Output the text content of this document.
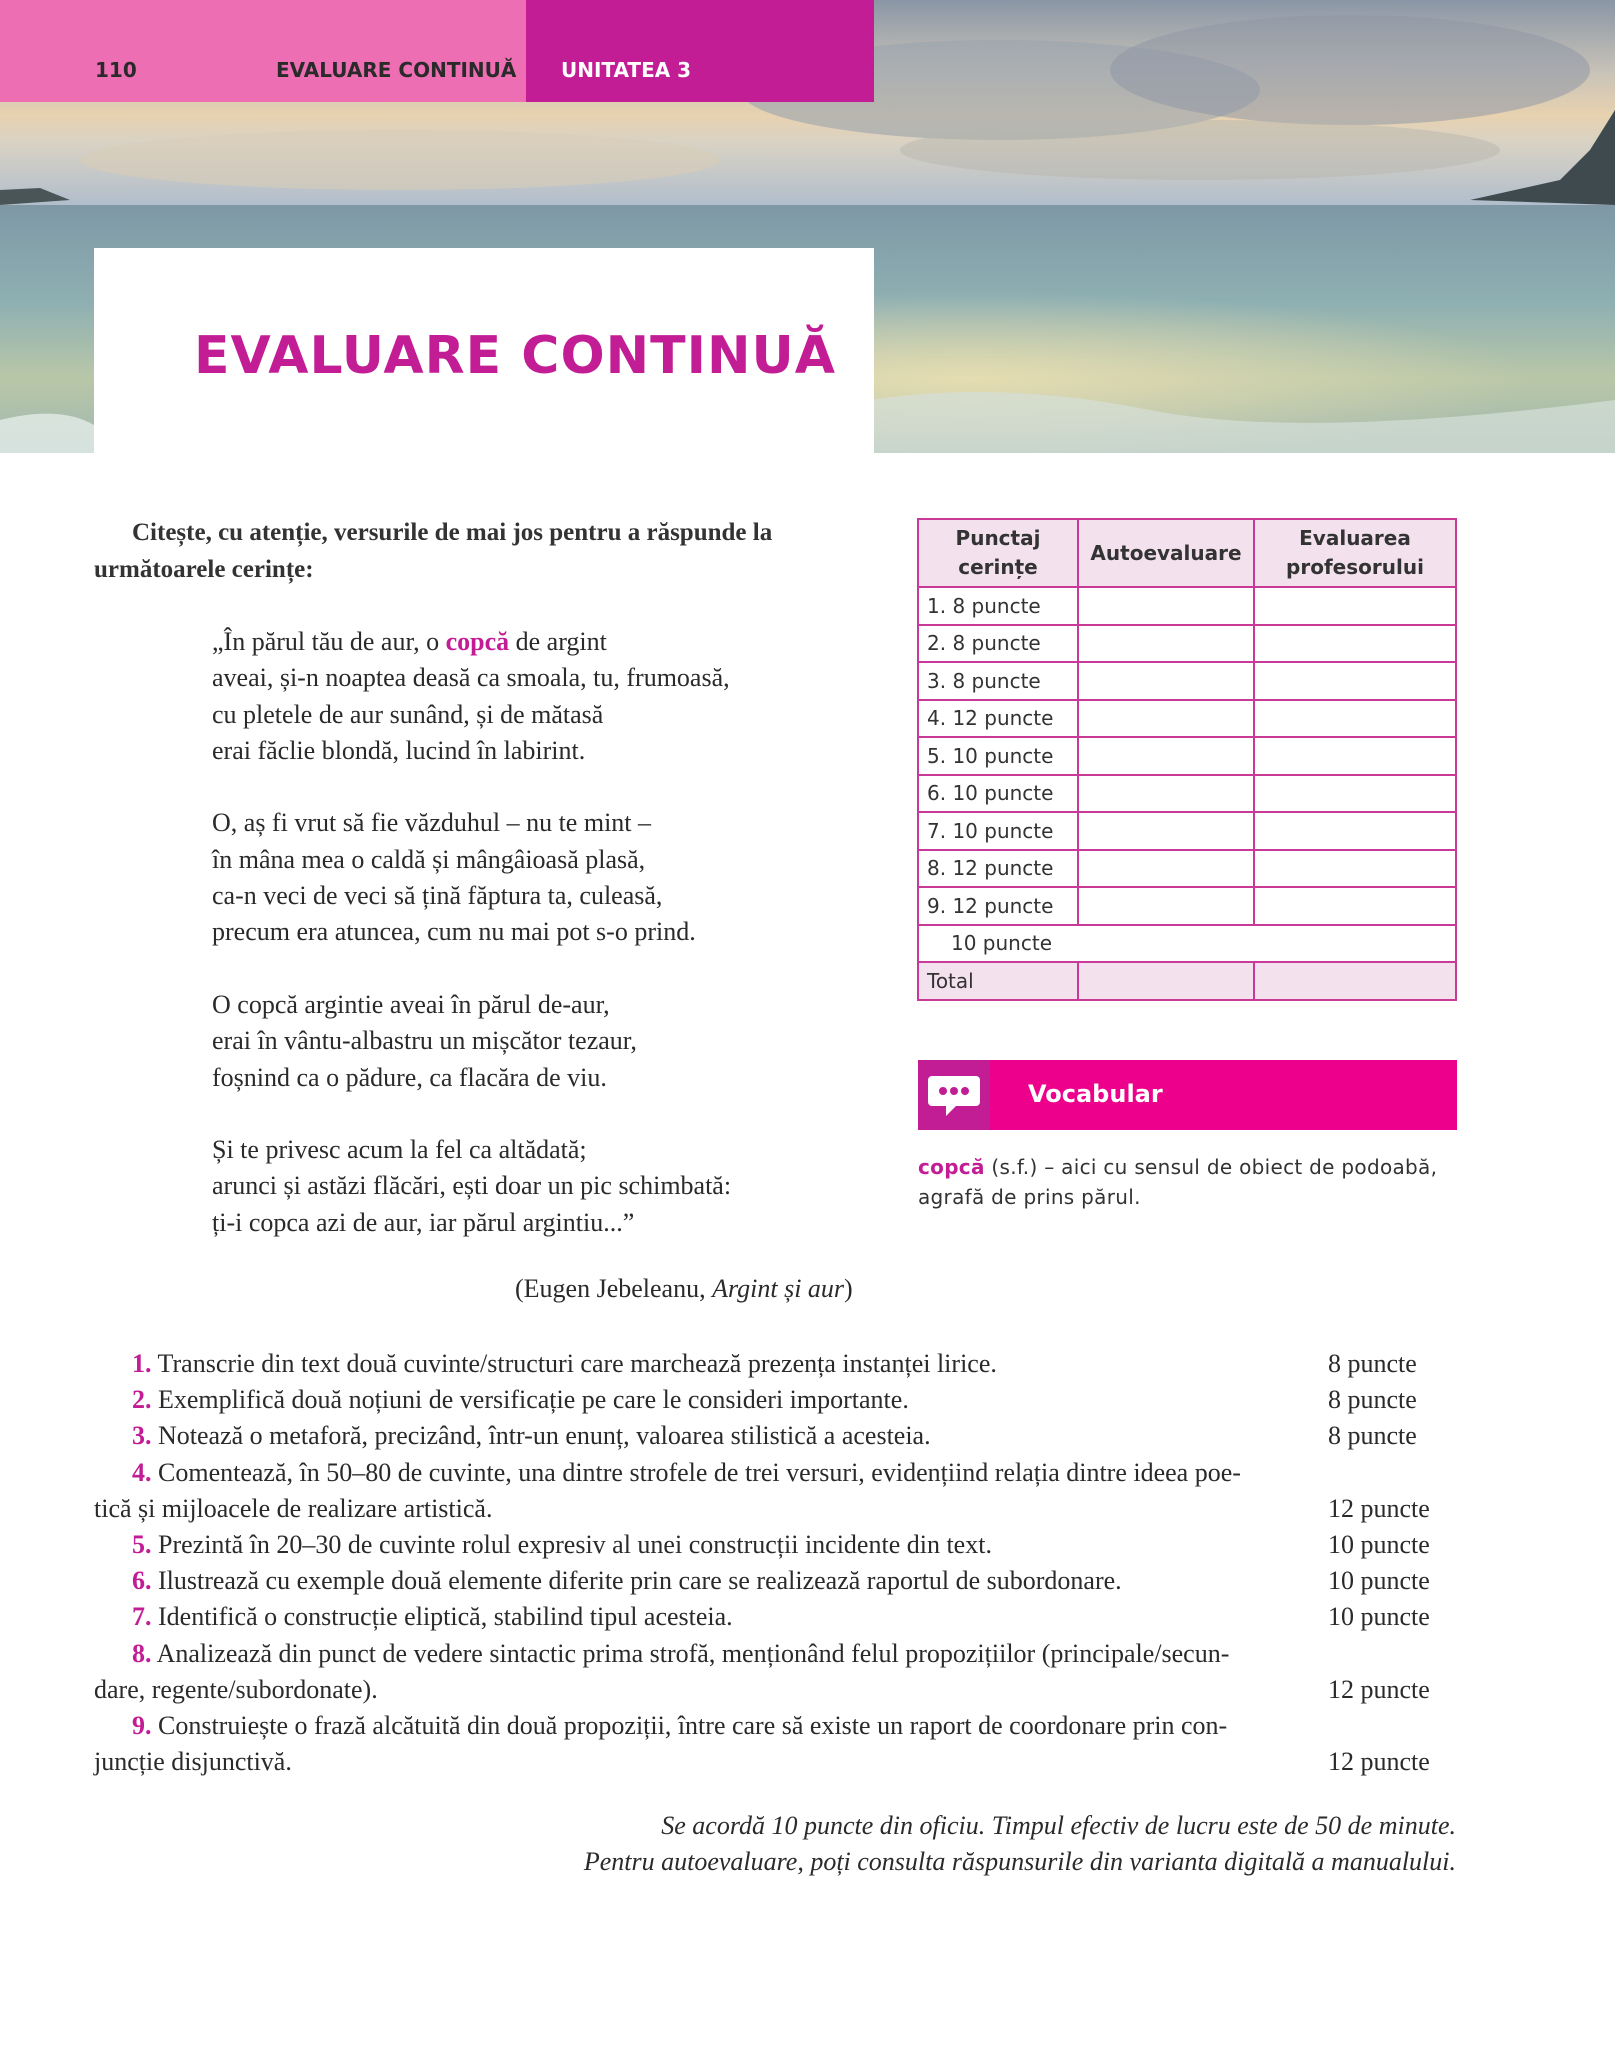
110	EVALUARE CONTINUĂ UNITATEA 3
EVALUARE CONTINUĂ
Citește, cu atenție, versurile de mai jos pentru a răspunde la următoarele cerințe:
„În părul tău de aur, o copcă de argint
aveai, și-n noaptea deasă ca smoala, tu, frumoasă,
cu pletele de aur sunând, și de mătasă
erai făclie blondă, lucind în labirint.
O, aș fi vrut să fie văzduhul – nu te mint –
în mâna mea o caldă și mângâioasă plasă,
ca-n veci de veci să țină făptura ta, culeasă,
precum era atuncea, cum nu mai pot s-o prind.
O copcă argintie aveai în părul de-aur,
erai în vântu-albastru un mișcător tezaur,
foșnind ca o pădure, ca flacăra de viu.
Și te privesc acum la fel ca altădată;
arunci și astăzi flăcări, ești doar un pic schimbată:
ți-i copca azi de aur, iar părul argintiu...”
(Eugen Jebeleanu, Argint și aur)
Punctaj cerințe	Autoevaluare	Evaluarea profesorului
1. 8 puncte		
2. 8 puncte		
3. 8 puncte		
4. 12 puncte		
5. 10 puncte		
6. 10 puncte		
7. 10 puncte		
8. 12 puncte		
9. 12 puncte		
10 puncte		
Total		
Vocabular
copcă (s.f.) – aici cu sensul de obiect de podoabă, agrafă de prins părul.
1. Transcrie din text două cuvinte/structuri care marchează prezența instanței lirice.	8 puncte
2. Exemplifică două noțiuni de versificație pe care le consideri importante.	8 puncte
3. Notează o metaforă, precizând, într-un enunț, valoarea stilistică a acesteia.	8 puncte
4. Comentează, în 50–80 de cuvinte, una dintre strofele de trei versuri, evidențiind relația dintre ideea poe-
tică și mijloacele de realizare artistică.	12 puncte
5. Prezintă în 20–30 de cuvinte rolul expresiv al unei construcții incidente din text.	10 puncte
6. Ilustrează cu exemple două elemente diferite prin care se realizează raportul de subordonare.	10 puncte
7. Identifică o construcție eliptică, stabilind tipul acesteia.	10 puncte
8. Analizează din punct de vedere sintactic prima strofă, menționând felul propozițiilor (principale/secun-
dare, regente/subordonate).	12 puncte
9. Construiește o frază alcătuită din două propoziții, între care să existe un raport de coordonare prin con-
juncție disjunctivă.	12 puncte
Se acordă 10 puncte din oficiu. Timpul efectiv de lucru este de 50 de minute.
Pentru autoevaluare, poți consulta răspunsurile din varianta digitală a manualului.
